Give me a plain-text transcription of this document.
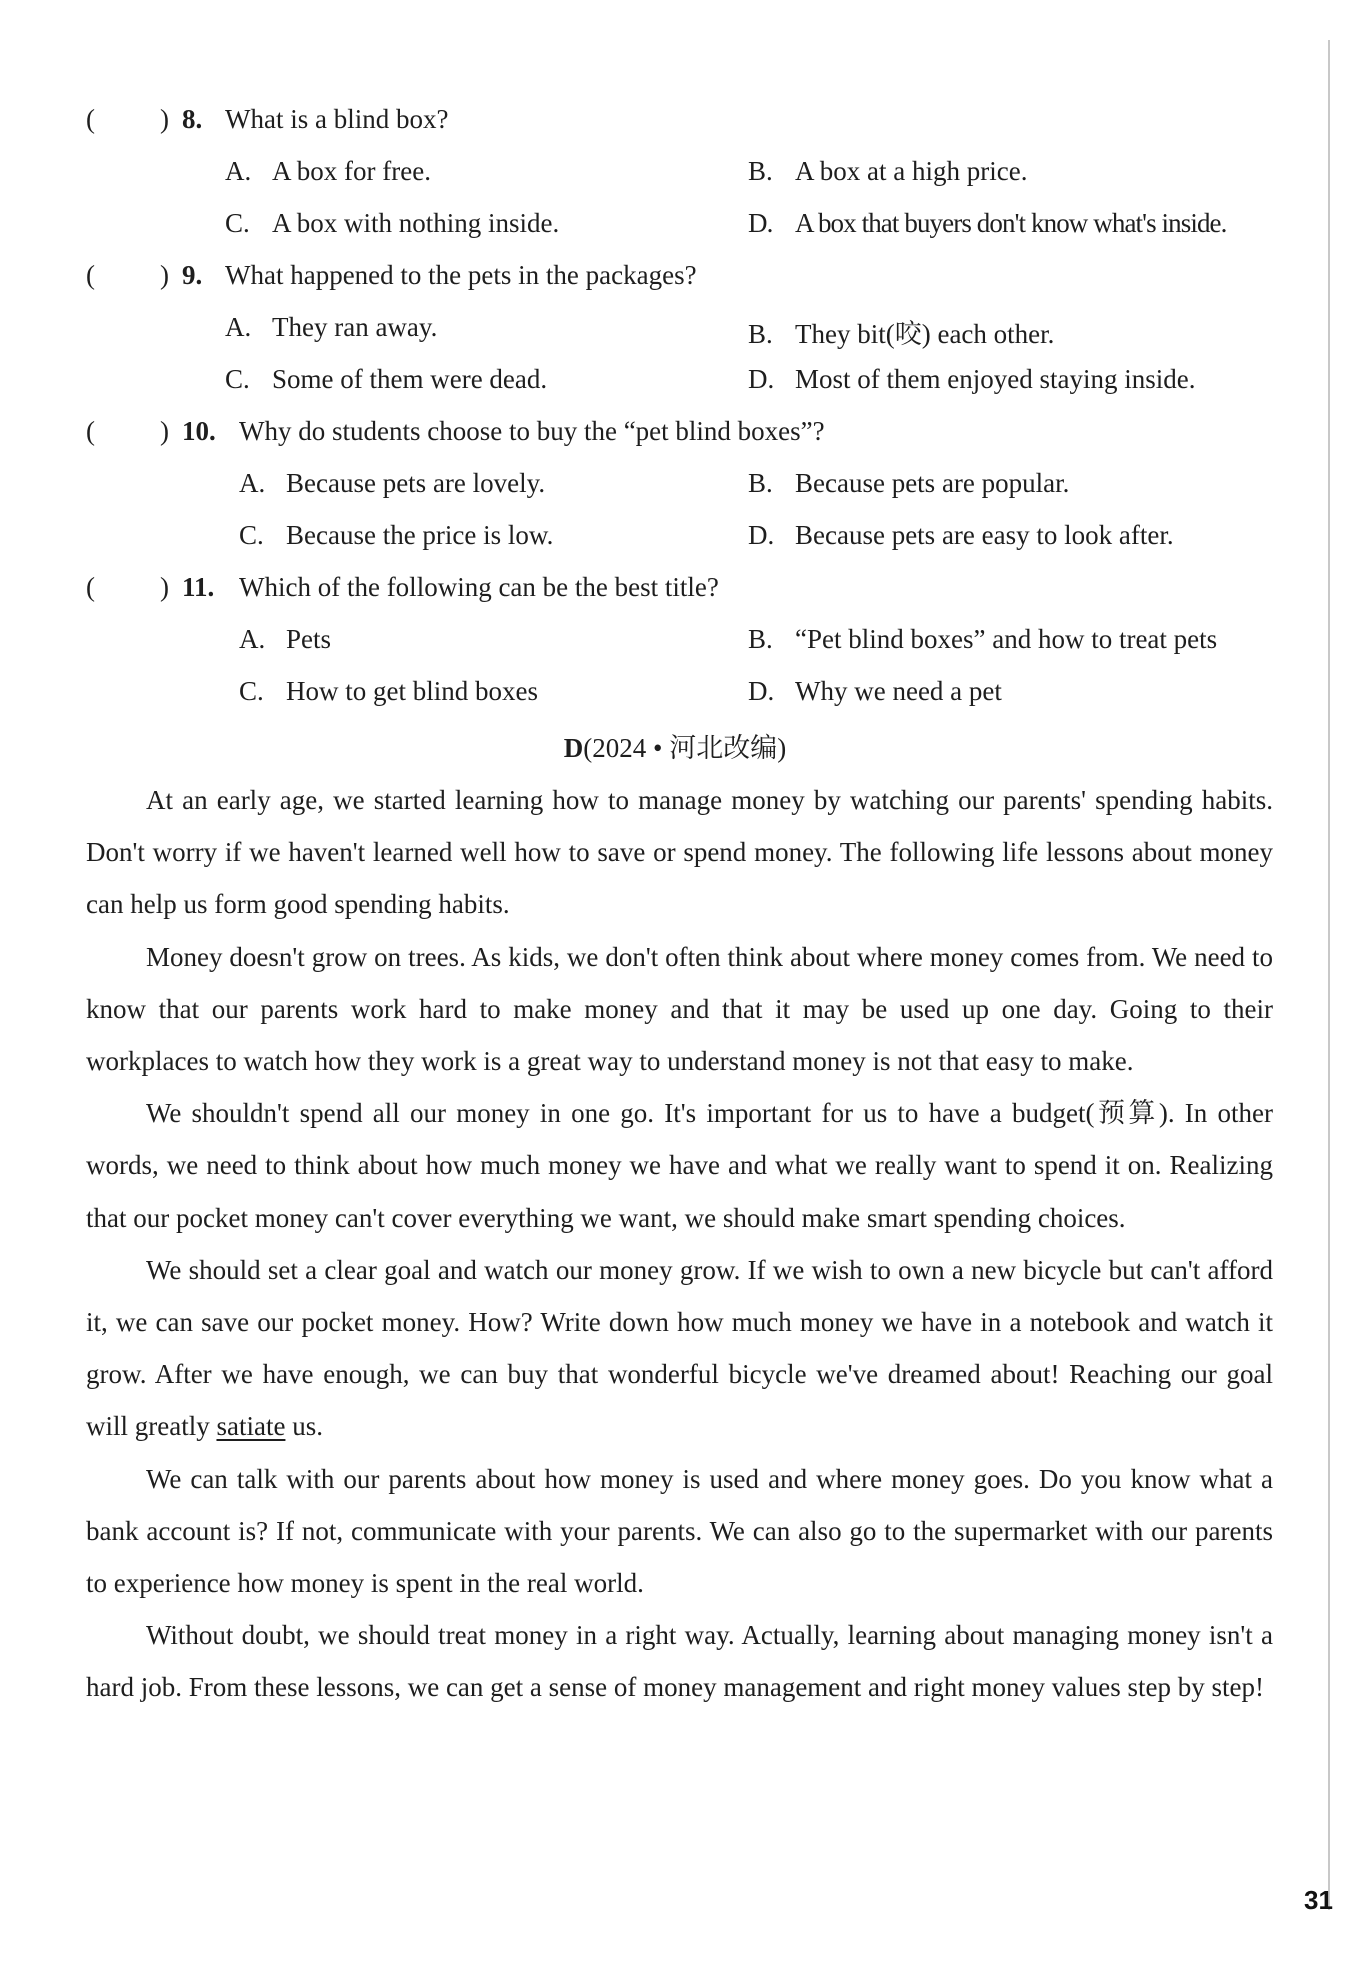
( ) 8. What is a blind box?
A. A box for free.	B. A box at a high price.
C. A box with nothing inside.	D. A box that buyers don't know what's inside.
( ) 9. What happened to the pets in the packages?
A. They ran away.	B. They bit(咬) each other.
C. Some of them were dead.	D. Most of them enjoyed staying inside.
( ) 10. Why do students choose to buy the “pet blind boxes”?
A. Because pets are lovely.	B. Because pets are popular.
C. Because the price is low.	D. Because pets are easy to look after.
( ) 11. Which of the following can be the best title?
A. Pets	B. “Pet blind boxes” and how to treat pets
C. How to get blind boxes	D. Why we need a pet
D(2024 • 河北改编)

At an early age, we started learning how to manage money by watching our parents' spending habits. Don't worry if we haven't learned well how to save or spend money. The following life lessons about money can help us form good spending habits.

Money doesn't grow on trees. As kids, we don't often think about where money comes from. We need to know that our parents work hard to make money and that it may be used up one day. Going to their workplaces to watch how they work is a great way to understand money is not that easy to make.

We shouldn't spend all our money in one go. It's important for us to have a budget(预算). In other words, we need to think about how much money we have and what we really want to spend it on. Realizing that our pocket money can't cover everything we want, we should make smart spending choices.

We should set a clear goal and watch our money grow. If we wish to own a new bicycle but can't afford it, we can save our pocket money. How? Write down how much money we have in a notebook and watch it grow. After we have enough, we can buy that wonderful bicycle we've dreamed about! Reaching our goal will greatly satiate us.

We can talk with our parents about how money is used and where money goes. Do you know what a bank account is? If not, communicate with your parents. We can also go to the supermarket with our parents to experience how money is spent in the real world.

Without doubt, we should treat money in a right way. Actually, learning about managing money isn't a hard job. From these lessons, we can get a sense of money management and right money values step by step!

31
